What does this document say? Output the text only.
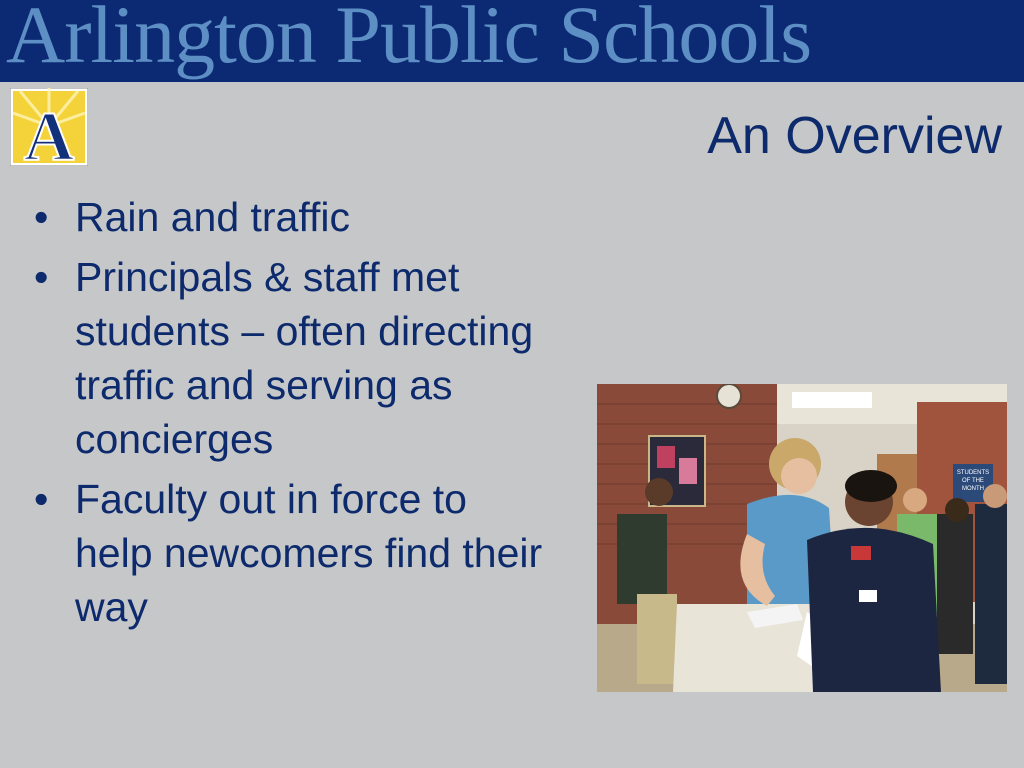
Arlington Public Schools
A	An Overview
• Rain and traffic
• Principals & staff met students – often directing traffic and serving as concierges
• Faculty out in force to help newcomers find their way
STUDENTS
OF THE
MONTH
